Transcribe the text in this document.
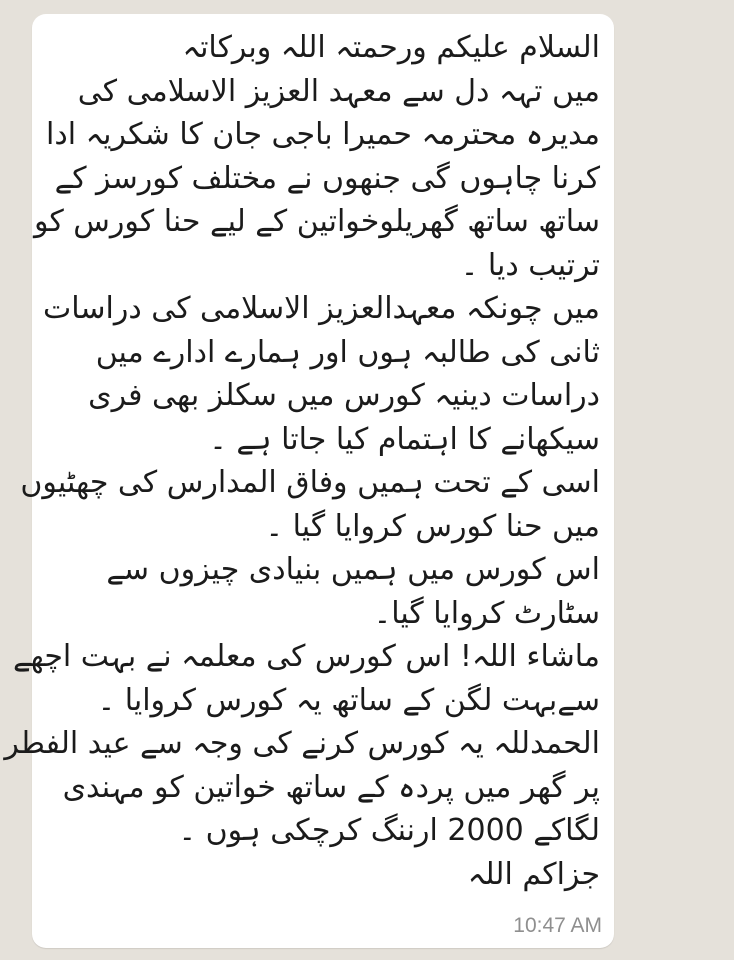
السلام علیکم ورحمتہ اللہ وبرکاتہ
میں تہہ دل سے معہد العزیز الاسلامی کی
مدیرہ محترمہ حمیرا باجی جان کا شکریہ ادا
کرنا چاہوں گی جنھوں نے مختلف کورسز کے
ساتھ ساتھ گھریلوخواتین کے لیے حنا کورس کو
ترتیب دیا ۔
میں چونکہ معہدالعزیز الاسلامی کی دراسات
ثانی کی طالبہ ہوں اور ہمارے ادارے میں
دراسات دینیہ کورس میں سکلز بھی فری
سیکھانے کا اہتمام کیا جاتا ہے ۔
اسی کے تحت ہمیں وفاق المدارس کی چھٹیوں
میں حنا کورس کروایا گیا ۔
اس کورس میں ہمیں بنیادی چیزوں سے
سٹارٹ کروایا گیا۔
ماشاء اللہ! اس کورس کی معلمہ نے بہت اچھے
سےبہت لگن کے ساتھ یہ کورس کروایا ۔
الحمدللہ یہ کورس کرنے کی وجہ سے عید الفطر
پر گھر میں پردہ کے ساتھ خواتین کو مہندی
لگاکے 2000 ارننگ کرچکی ہوں ۔
جزاکم اللہ
10:47 AM
